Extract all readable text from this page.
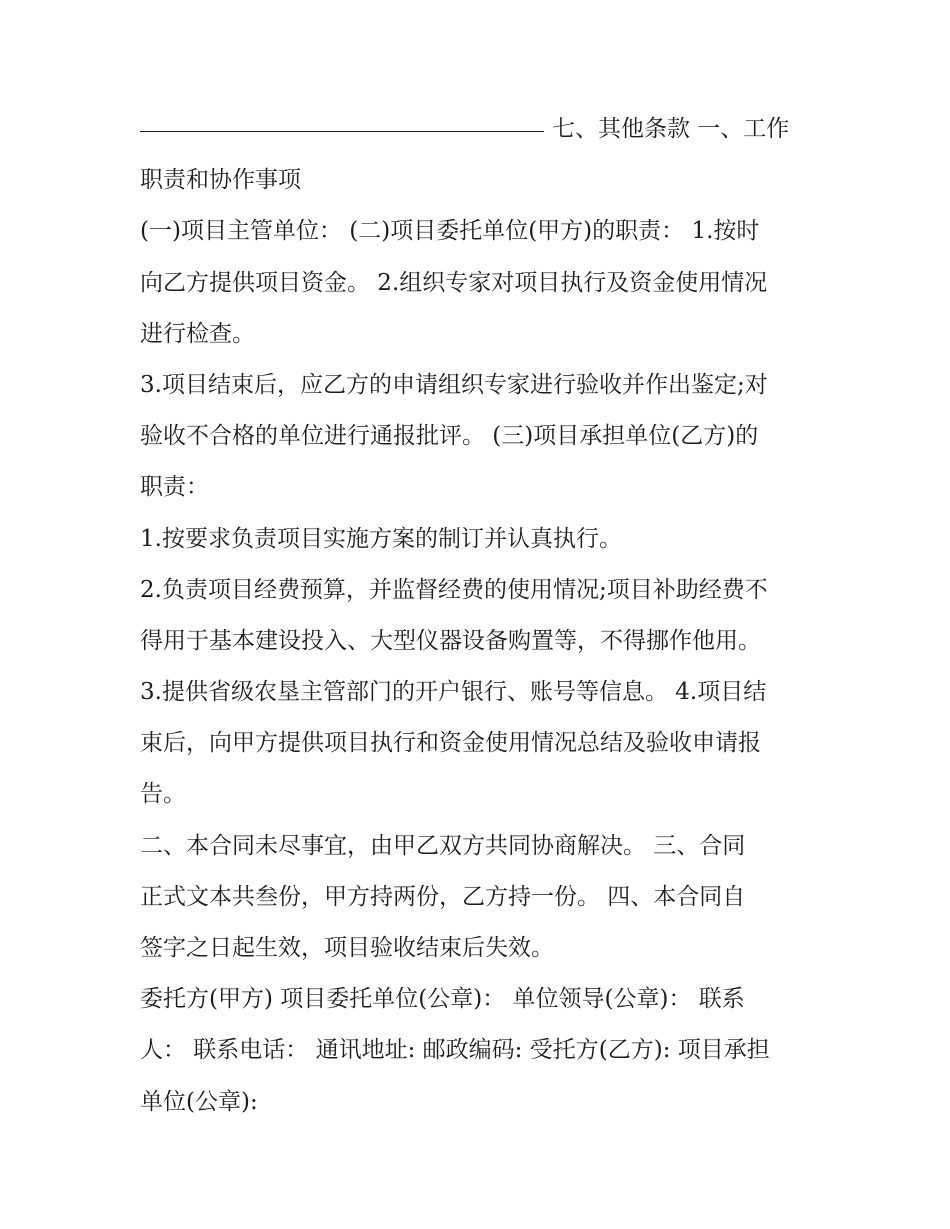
七、其他条款 一、工作
职责和协作事项
(一)项目主管单位： (二)项目委托单位(甲方)的职责： 1.按时
向乙方提供项目资金。 2.组织专家对项目执行及资金使用情况
进行检查。
3.项目结束后，应乙方的申请组织专家进行验收并作出鉴定;对
验收不合格的单位进行通报批评。 (三)项目承担单位(乙方)的
职责：
1.按要求负责项目实施方案的制订并认真执行。
2.负责项目经费预算，并监督经费的使用情况;项目补助经费不
得用于基本建设投入、大型仪器设备购置等，不得挪作他用。
3.提供省级农垦主管部门的开户银行、账号等信息。 4.项目结
束后，向甲方提供项目执行和资金使用情况总结及验收申请报
告。
二、本合同未尽事宜，由甲乙双方共同协商解决。 三、合同
正式文本共叁份，甲方持两份，乙方持一份。 四、本合同自
签字之日起生效，项目验收结束后失效。
委托方(甲方) 项目委托单位(公章)： 单位领导(公章)： 联系
人： 联系电话： 通讯地址: 邮政编码: 受托方(乙方): 项目承担
单位(公章):
